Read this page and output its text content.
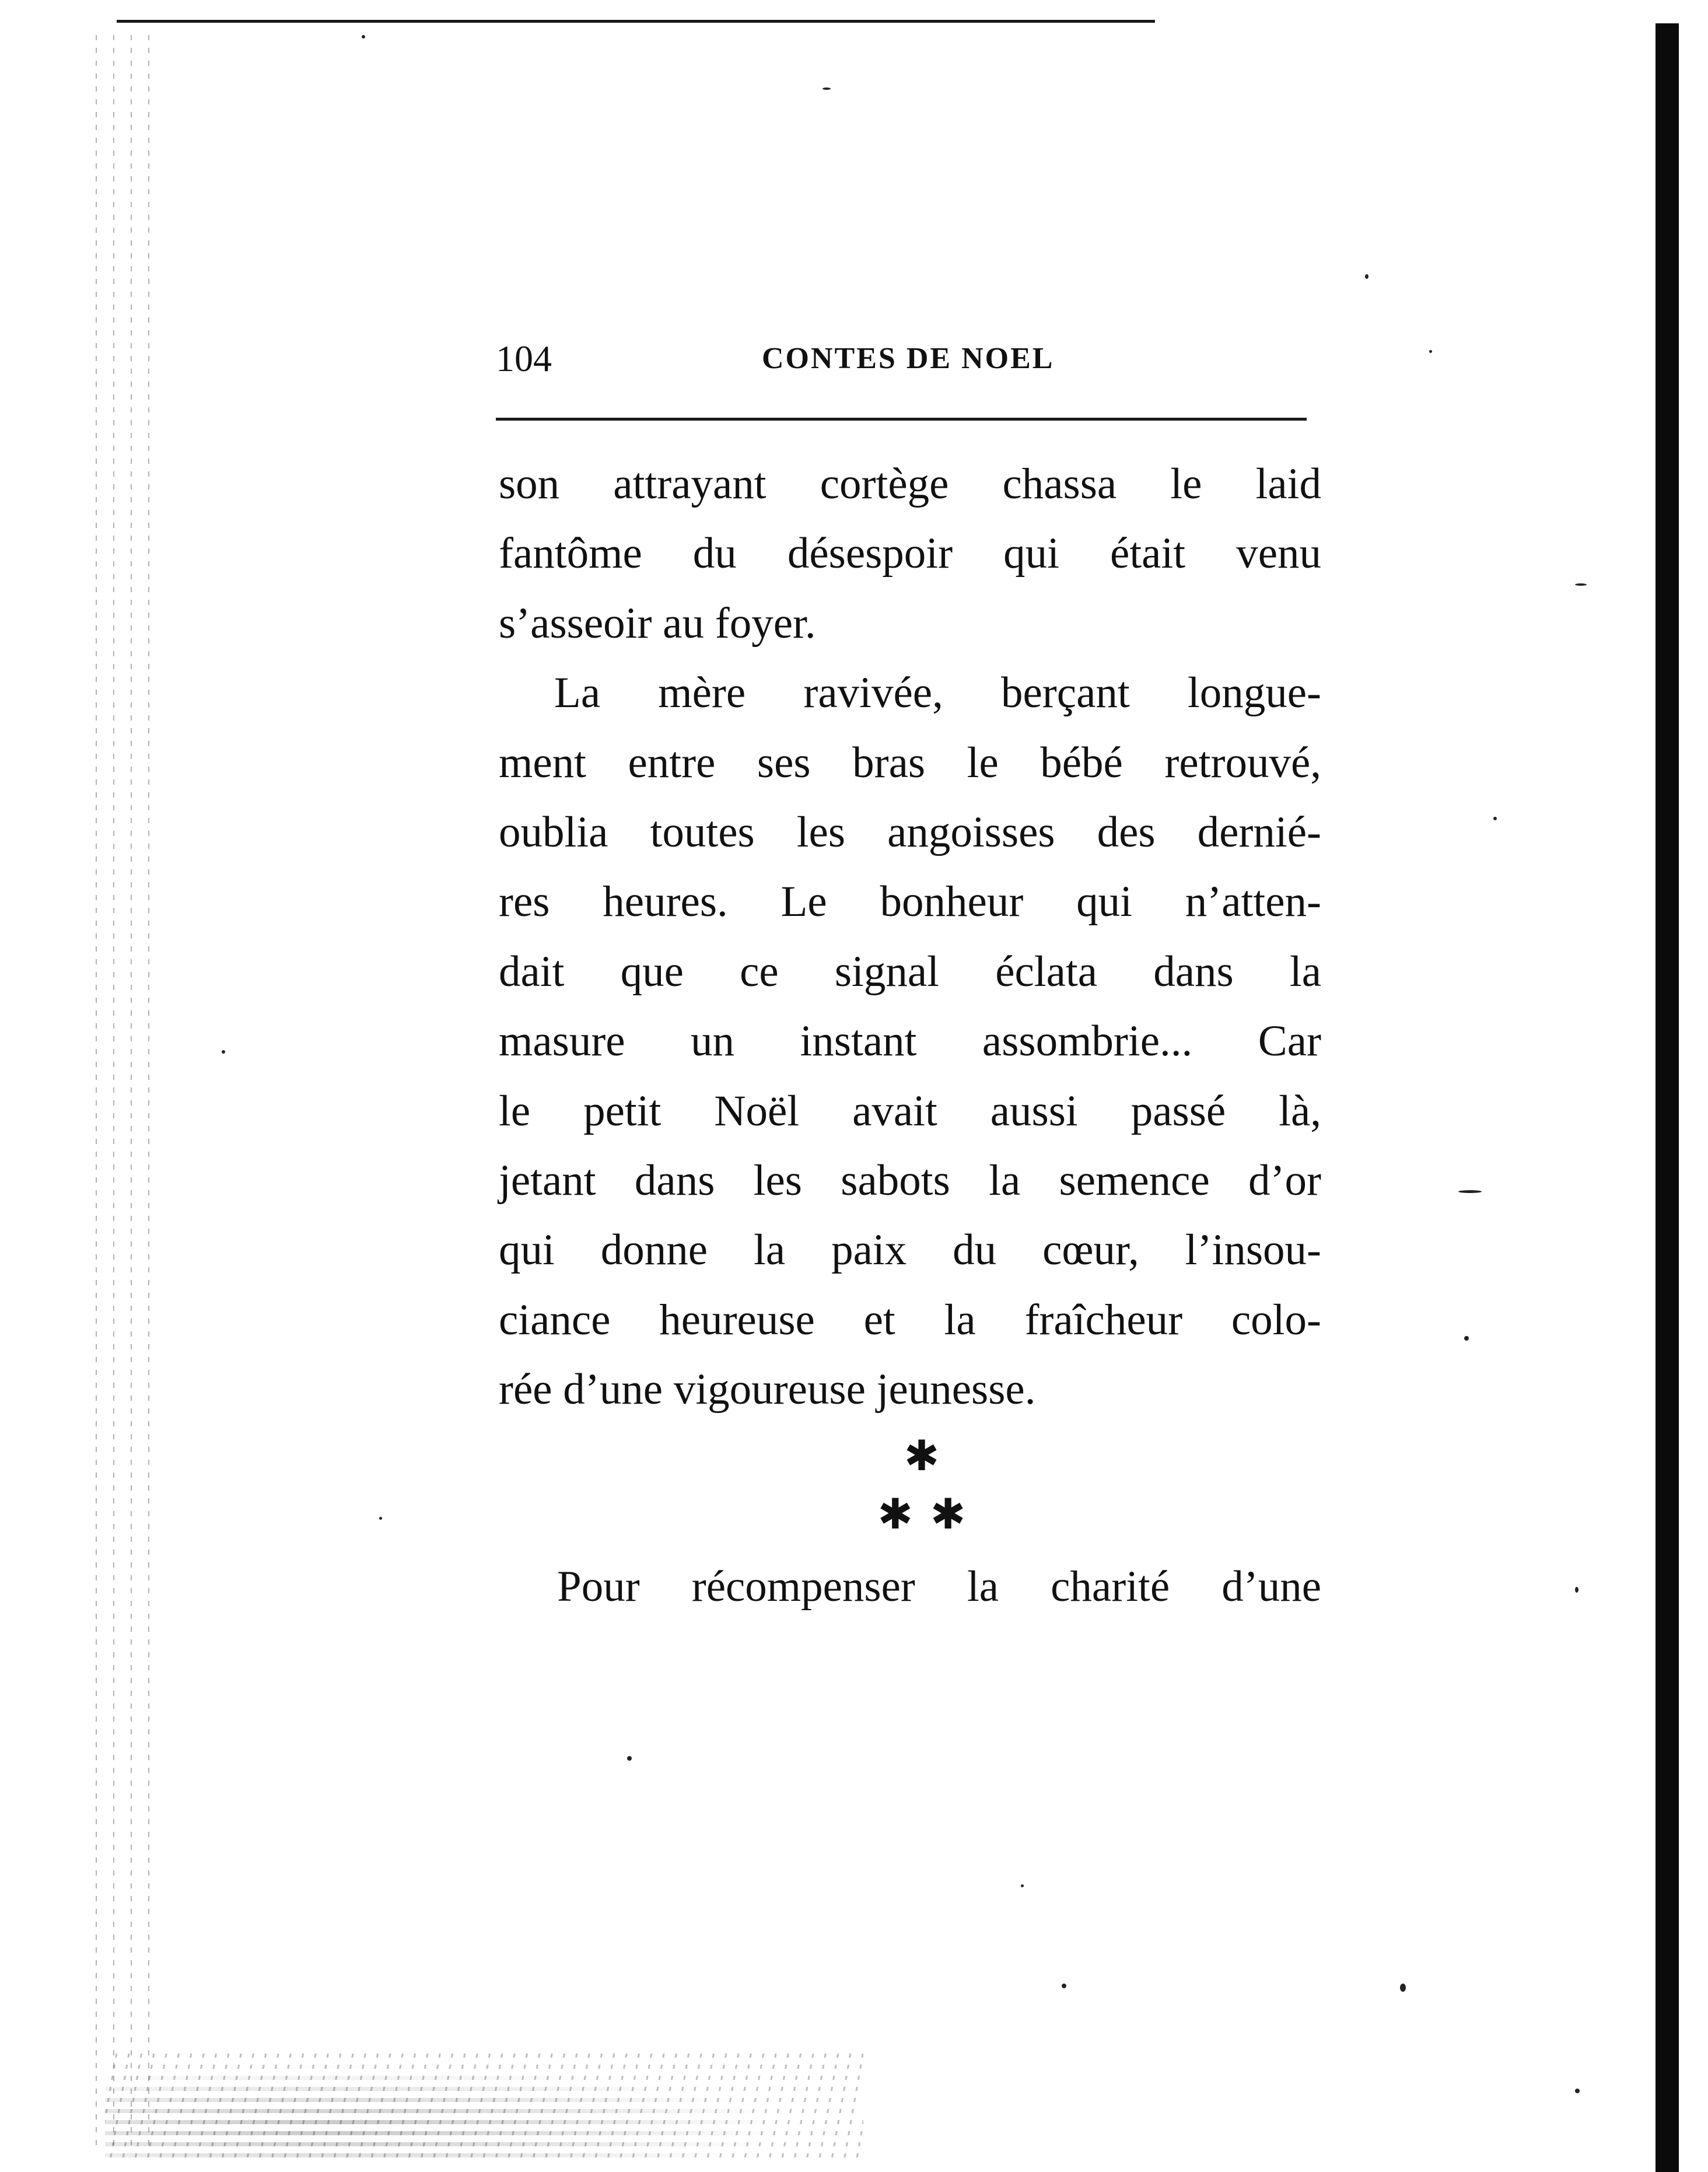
104	CONTES DE NOEL
son attrayant cortège chassa le laid
fantôme du désespoir qui était venu
s’asseoir au foyer.
La mère ravivée, berçant longue-
ment entre ses bras le bébé retrouvé,
oublia toutes les angoisses des dernié-
res heures. Le bonheur qui n’atten-
dait que ce signal éclata dans la
masure un instant assombrie... Car
le petit Noël avait aussi passé là,
jetant dans les sabots la semence d’or
qui donne la paix du cœur, l’insou-
ciance heureuse et la fraîcheur colo-
rée d’une vigoureuse jeunesse.
✱
✱✱
Pour récompenser la charité d’une
